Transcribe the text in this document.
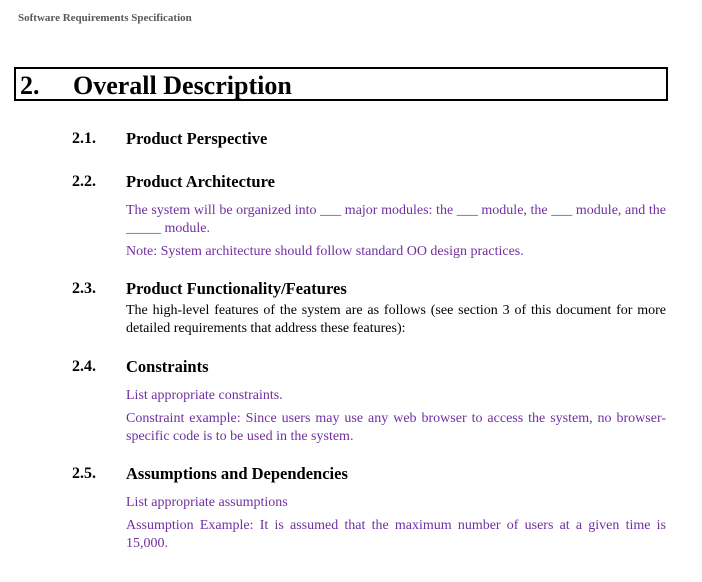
Software Requirements Specification
2. Overall Description
2.1. Product Perspective
2.2. Product Architecture
The system will be organized into ___ major modules: the ___ module, the ___ module, and the _____ module.
Note: System architecture should follow standard OO design practices.
2.3. Product Functionality/Features
The high-level features of the system are as follows (see section 3 of this document for more detailed requirements that address these features):
2.4. Constraints
List appropriate constraints.
Constraint example: Since users may use any web browser to access the system, no browser-specific code is to be used in the system.
2.5. Assumptions and Dependencies
List appropriate assumptions
Assumption Example: It is assumed that the maximum number of users at a given time is 15,000.
